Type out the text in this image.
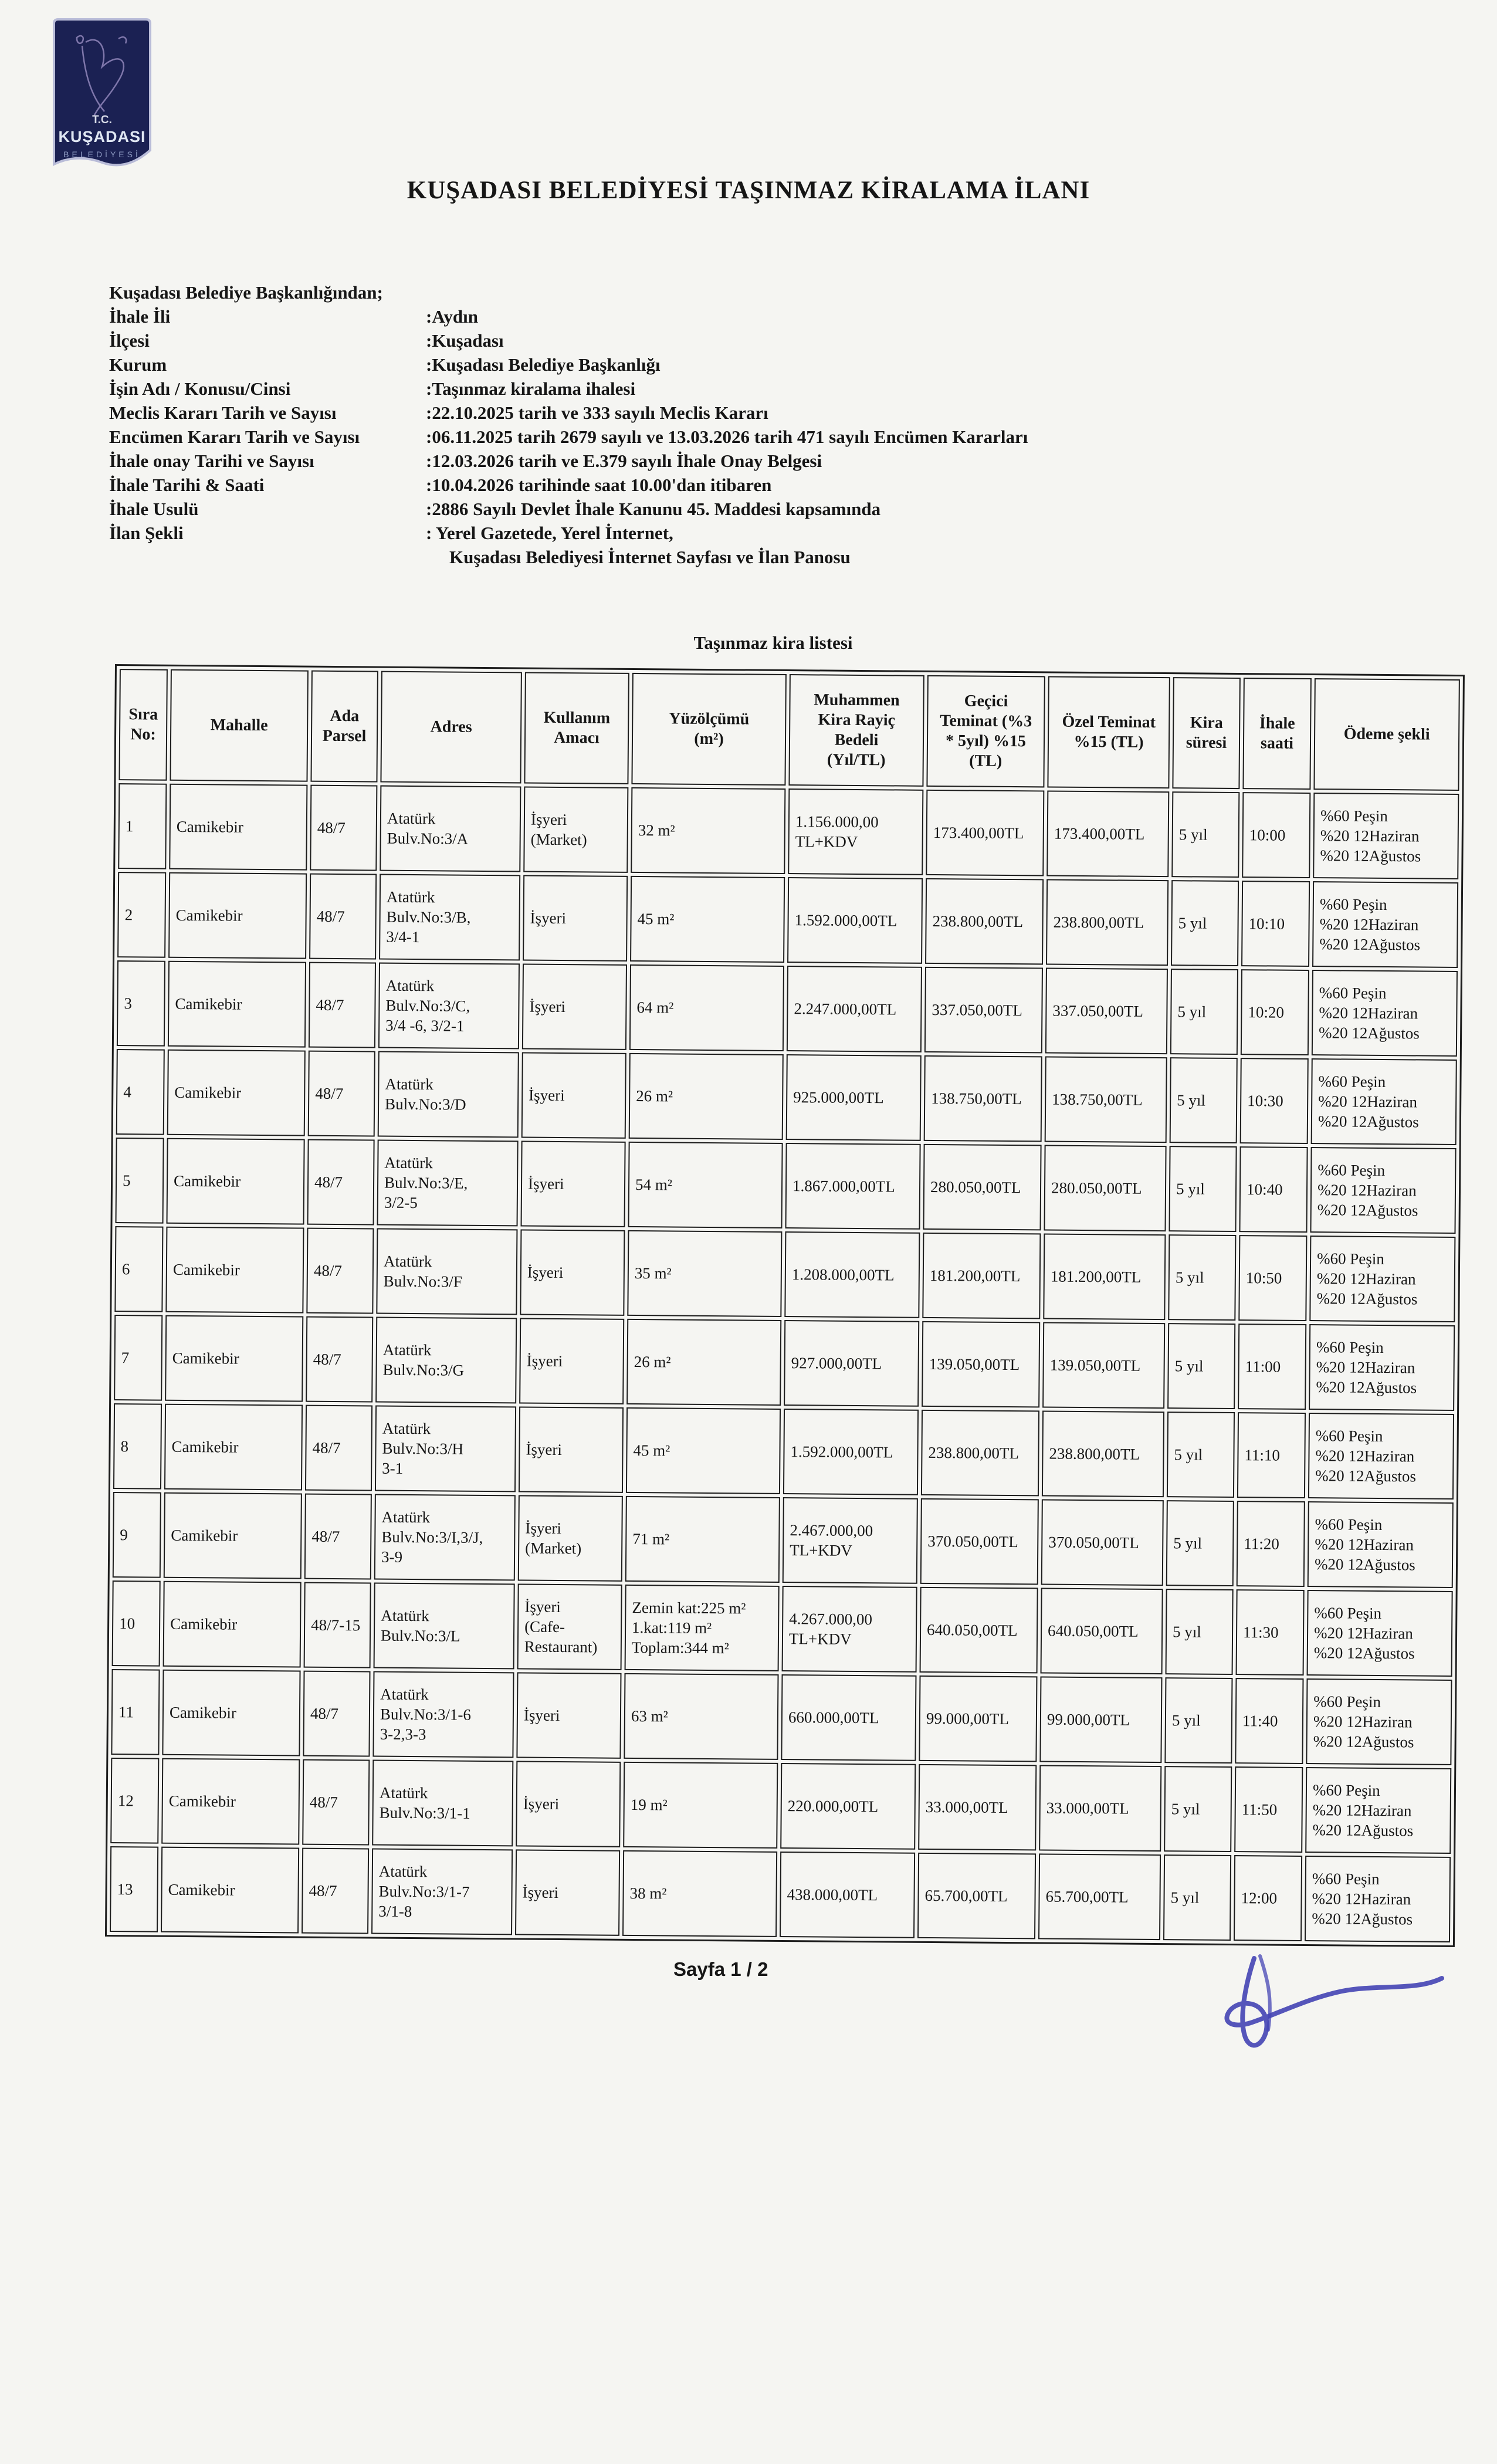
T.C.
KUŞADASI
BELEDİYESİ
KUŞADASI BELEDİYESİ TAŞINMAZ KİRALAMA İLANI
Kuşadası Belediye Başkanlığından;
İhale İli	:Aydın
İlçesi	:Kuşadası
Kurum	:Kuşadası Belediye Başkanlığı
İşin Adı / Konusu/Cinsi	:Taşınmaz kiralama ihalesi
Meclis Kararı Tarih ve Sayısı	:22.10.2025 tarih ve 333 sayılı Meclis Kararı
Encümen Kararı Tarih ve Sayısı	:06.11.2025 tarih 2679 sayılı ve 13.03.2026 tarih 471 sayılı Encümen Kararları
İhale onay Tarihi ve Sayısı	:12.03.2026 tarih ve E.379 sayılı İhale Onay Belgesi
İhale Tarihi & Saati	:10.04.2026 tarihinde saat 10.00'dan itibaren
İhale Usulü	:2886 Sayılı Devlet İhale Kanunu 45. Maddesi kapsamında
İlan Şekli	: Yerel Gazetede, Yerel İnternet,
Kuşadası Belediyesi İnternet Sayfası ve İlan Panosu
Taşınmaz kira listesi
Sıra
No:	Mahalle	Ada
Parsel	Adres	Kullanım
Amacı	Yüzölçümü
(m²)	Muhammen
Kira Rayiç
Bedeli
(Yıl/TL)	Geçici
Teminat (%3
* 5yıl) %15
(TL)	Özel Teminat
%15 (TL)	Kira
süresi	İhale
saati	Ödeme şekli
1	Camikebir	48/7	Atatürk
Bulv.No:3/A	İşyeri
(Market)	32 m²	1.156.000,00
TL+KDV	173.400,00TL	173.400,00TL	5 yıl	10:00	%60 Peşin
%20 12Haziran
%20 12Ağustos
2	Camikebir	48/7	Atatürk
Bulv.No:3/B,
3/4-1	İşyeri	45 m²	1.592.000,00TL	238.800,00TL	238.800,00TL	5 yıl	10:10	%60 Peşin
%20 12Haziran
%20 12Ağustos
3	Camikebir	48/7	Atatürk
Bulv.No:3/C,
3/4 -6, 3/2-1	İşyeri	64 m²	2.247.000,00TL	337.050,00TL	337.050,00TL	5 yıl	10:20	%60 Peşin
%20 12Haziran
%20 12Ağustos
4	Camikebir	48/7	Atatürk
Bulv.No:3/D	İşyeri	26 m²	925.000,00TL	138.750,00TL	138.750,00TL	5 yıl	10:30	%60 Peşin
%20 12Haziran
%20 12Ağustos
5	Camikebir	48/7	Atatürk
Bulv.No:3/E,
3/2-5	İşyeri	54 m²	1.867.000,00TL	280.050,00TL	280.050,00TL	5 yıl	10:40	%60 Peşin
%20 12Haziran
%20 12Ağustos
6	Camikebir	48/7	Atatürk
Bulv.No:3/F	İşyeri	35 m²	1.208.000,00TL	181.200,00TL	181.200,00TL	5 yıl	10:50	%60 Peşin
%20 12Haziran
%20 12Ağustos
7	Camikebir	48/7	Atatürk
Bulv.No:3/G	İşyeri	26 m²	927.000,00TL	139.050,00TL	139.050,00TL	5 yıl	11:00	%60 Peşin
%20 12Haziran
%20 12Ağustos
8	Camikebir	48/7	Atatürk
Bulv.No:3/H
3-1	İşyeri	45 m²	1.592.000,00TL	238.800,00TL	238.800,00TL	5 yıl	11:10	%60 Peşin
%20 12Haziran
%20 12Ağustos
9	Camikebir	48/7	Atatürk
Bulv.No:3/I,3/J,
3-9	İşyeri
(Market)	71 m²	2.467.000,00
TL+KDV	370.050,00TL	370.050,00TL	5 yıl	11:20	%60 Peşin
%20 12Haziran
%20 12Ağustos
10	Camikebir	48/7-15	Atatürk
Bulv.No:3/L	İşyeri
(Cafe-
Restaurant)	Zemin kat:225 m²
1.kat:119 m²
Toplam:344 m²	4.267.000,00
TL+KDV	640.050,00TL	640.050,00TL	5 yıl	11:30	%60 Peşin
%20 12Haziran
%20 12Ağustos
11	Camikebir	48/7	Atatürk
Bulv.No:3/1-6
3-2,3-3	İşyeri	63 m²	660.000,00TL	99.000,00TL	99.000,00TL	5 yıl	11:40	%60 Peşin
%20 12Haziran
%20 12Ağustos
12	Camikebir	48/7	Atatürk
Bulv.No:3/1-1	İşyeri	19 m²	220.000,00TL	33.000,00TL	33.000,00TL	5 yıl	11:50	%60 Peşin
%20 12Haziran
%20 12Ağustos
13	Camikebir	48/7	Atatürk
Bulv.No:3/1-7
3/1-8	İşyeri	38 m²	438.000,00TL	65.700,00TL	65.700,00TL	5 yıl	12:00	%60 Peşin
%20 12Haziran
%20 12Ağustos
Sayfa 1 / 2
